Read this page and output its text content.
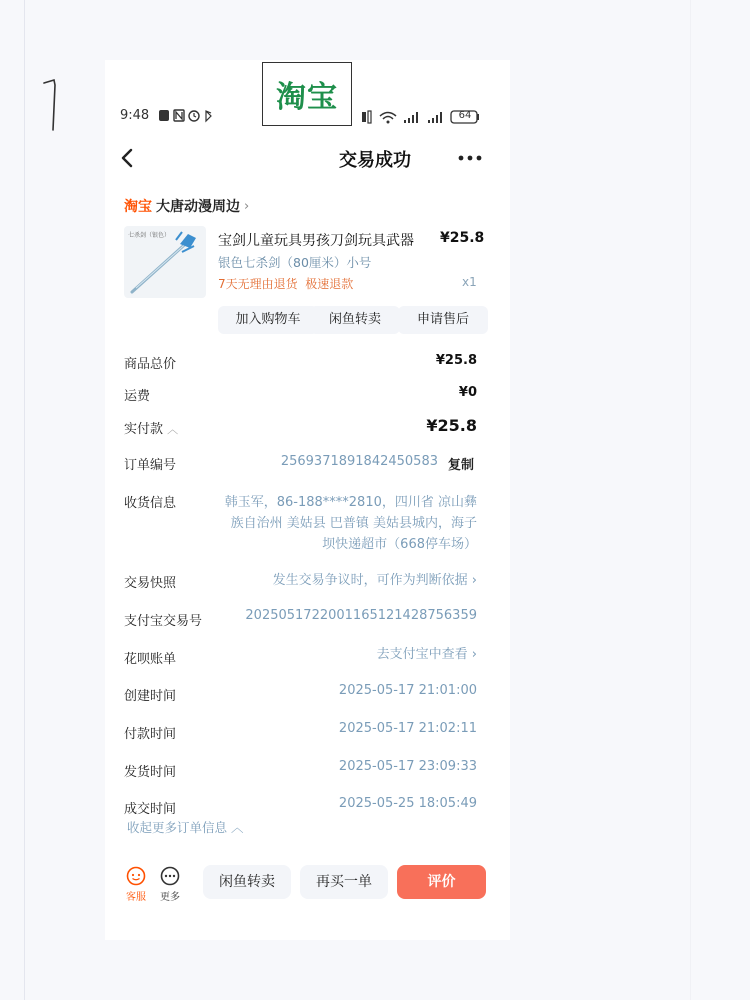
淘宝
9:48	64
交易成功
淘宝 大唐动漫周边 ›
七杀剑（银色）	宝剑儿童玩具男孩刀剑玩具武器 ¥25.8
银色七杀剑（80厘米）小号
7天无理由退货  极速退款	x1
加入购物车	闲鱼转卖	申请售后
商品总价	¥25.8
运费	¥0
实付款 ︿	¥25.8
订单编号	2569371891842450583 复制
收货信息	韩玉军，86-188****2810，四川省 凉山彝
族自治州 美姑县 巴普镇 美姑县城内，海子
坝快递超市（668停车场）
交易快照	发生交易争议时，可作为判断依据 ›
支付宝交易号	2025051722001165121428756359
花呗账单	去支付宝中查看 ›
创建时间	2025-05-17 21:01:00
付款时间	2025-05-17 21:02:11
发货时间	2025-05-17 23:09:33
成交时间	2025-05-25 18:05:49
收起更多订单信息 ︿
客服 更多
闲鱼转卖	再买一单	评价
